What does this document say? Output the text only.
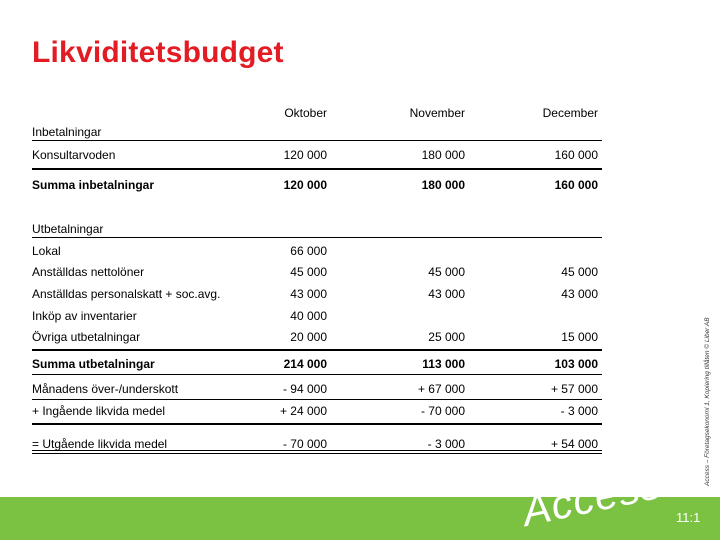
Likviditetsbudget
Oktober	November	December
Inbetalningar
Konsultarvoden	120 000	180 000	160 000
Summa inbetalningar	120 000	180 000	160 000
Utbetalningar
Lokal	66 000
Anställdas nettolöner	45 000	45 000	45 000
Anställdas personalskatt + soc.avg.	43 000	43 000	43 000
Inköp av inventarier	40 000
Övriga utbetalningar	20 000	25 000	15 000
Summa utbetalningar	214 000	113 000	103 000
Månadens över-/underskott	- 94 000	+ 67 000	+ 57 000
+ Ingående likvida medel	+ 24 000	- 70 000	- 3 000
= Utgående likvida medel	- 70 000	- 3 000	+ 54 000	Access – Företagsekonomi 1, Kopiering tillåten © Liber AB
Access 11:1
